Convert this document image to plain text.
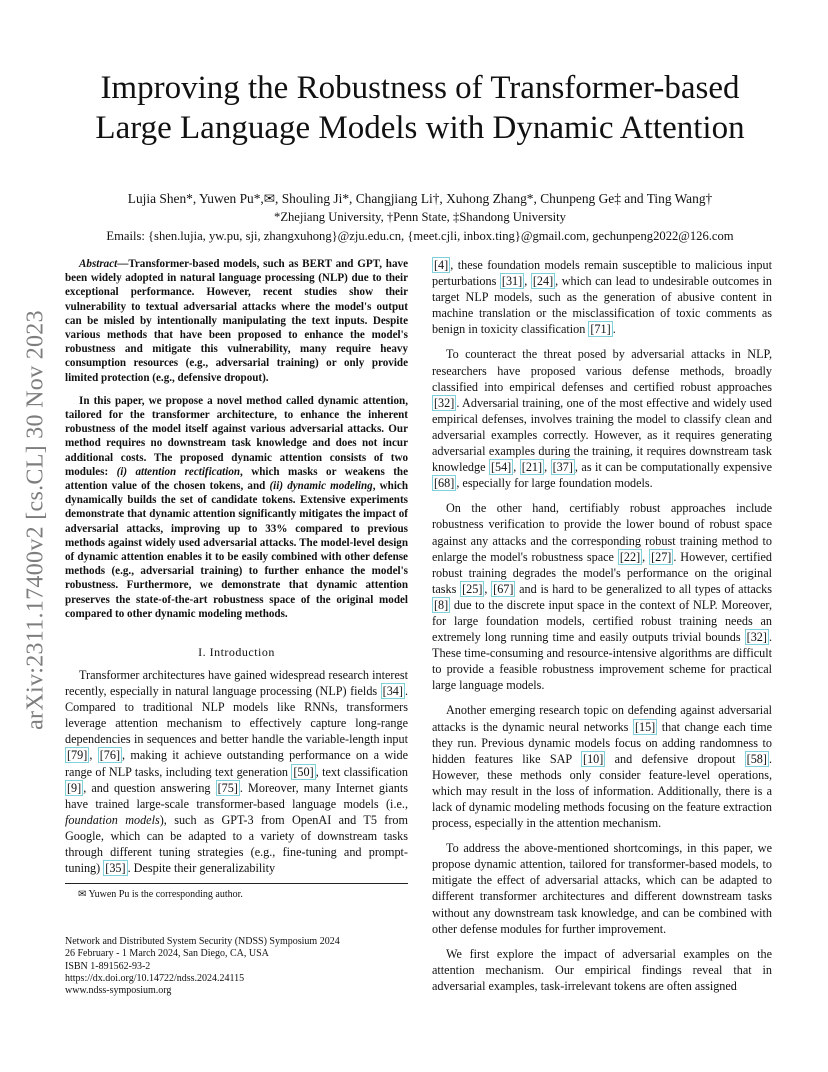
arXiv:2311.17400v2 [cs.CL] 30 Nov 2023
Improving the Robustness of Transformer-based
Large Language Models with Dynamic Attention
Lujia Shen*, Yuwen Pu*,✉, Shouling Ji*, Changjiang Li†, Xuhong Zhang*, Chunpeng Ge‡ and Ting Wang†
*Zhejiang University, †Penn State, ‡Shandong University
Emails: {shen.lujia, yw.pu, sji, zhangxuhong}@zju.edu.cn, {meet.cjli, inbox.ting}@gmail.com, gechunpeng2022@126.com

Abstract—Transformer-based models, such as BERT and GPT, have been widely adopted in natural language processing (NLP) due to their exceptional performance. However, recent studies show their vulnerability to textual adversarial attacks where the model's output can be misled by intentionally manipulating the text inputs. Despite various methods that have been proposed to enhance the model's robustness and mitigate this vulnerability, many require heavy consumption resources (e.g., adversarial training) or only provide limited protection (e.g., defensive dropout).

In this paper, we propose a novel method called dynamic attention, tailored for the transformer architecture, to enhance the inherent robustness of the model itself against various adversarial attacks. Our method requires no downstream task knowledge and does not incur additional costs. The proposed dynamic attention consists of two modules: (i) attention rectification, which masks or weakens the attention value of the chosen tokens, and (ii) dynamic modeling, which dynamically builds the set of candidate tokens. Extensive experiments demonstrate that dynamic attention significantly mitigates the impact of adversarial attacks, improving up to 33% compared to previous methods against widely used adversarial attacks. The model-level design of dynamic attention enables it to be easily combined with other defense methods (e.g., adversarial training) to further enhance the model's robustness. Furthermore, we demonstrate that dynamic attention preserves the state-of-the-art robustness space of the original model compared to other dynamic modeling methods.

I. Introduction

Transformer architectures have gained widespread research interest recently, especially in natural language processing (NLP) fields [34] . Compared to traditional NLP models like RNNs, transformers leverage attention mechanism to effectively capture long-range dependencies in sequences and better handle the variable-length input [79] , [76] , making it achieve outstanding performance on a wide range of NLP tasks, including text generation [50] , text classification [9] , and question answering [75] . Moreover, many Internet giants have trained large-scale transformer-based language models (i.e., foundation models), such as GPT-3 from OpenAI and T5 from Google, which can be adapted to a variety of downstream tasks through different tuning strategies (e.g., fine-tuning and prompt-tuning) [35] . Despite their generalizability

✉ Yuwen Pu is the corresponding author.
Network and Distributed System Security (NDSS) Symposium 2024
26 February - 1 March 2024, San Diego, CA, USA
ISBN 1-891562-93-2
https://dx.doi.org/10.14722/ndss.2024.24115
www.ndss-symposium.org

[4] , these foundation models remain susceptible to malicious input perturbations [31] , [24] , which can lead to undesirable outcomes in target NLP models, such as the generation of abusive content in machine translation or the misclassification of toxic comments as benign in toxicity classification [71] .

To counteract the threat posed by adversarial attacks in NLP, researchers have proposed various defense methods, broadly classified into empirical defenses and certified robust approaches [32] . Adversarial training, one of the most effective and widely used empirical defenses, involves training the model to classify clean and adversarial examples correctly. However, as it requires generating adversarial examples during the training, it requires downstream task knowledge [54] , [21] , [37] , as it can be computationally expensive [68] , especially for large foundation models.

On the other hand, certifiably robust approaches include robustness verification to provide the lower bound of robust space against any attacks and the corresponding robust training method to enlarge the model's robustness space [22] , [27] . However, certified robust training degrades the model's performance on the original tasks [25] , [67] and is hard to be generalized to all types of attacks [8] due to the discrete input space in the context of NLP. Moreover, for large foundation models, certified robust training needs an extremely long running time and easily outputs trivial bounds [32] . These time-consuming and resource-intensive algorithms are difficult to provide a feasible robustness improvement scheme for practical large language models.

Another emerging research topic on defending against adversarial attacks is the dynamic neural networks [15] that change each time they run. Previous dynamic models focus on adding randomness to hidden features like SAP [10] and defensive dropout [58] . However, these methods only consider feature-level operations, which may result in the loss of information. Additionally, there is a lack of dynamic modeling methods focusing on the feature extraction process, especially in the attention mechanism.

To address the above-mentioned shortcomings, in this paper, we propose dynamic attention, tailored for transformer-based models, to mitigate the effect of adversarial attacks, which can be adapted to different transformer architectures and different downstream tasks without any downstream task knowledge, and can be combined with other defense modules for further improvement.

We first explore the impact of adversarial examples on the attention mechanism. Our empirical findings reveal that in adversarial examples, task-irrelevant tokens are often assigned
